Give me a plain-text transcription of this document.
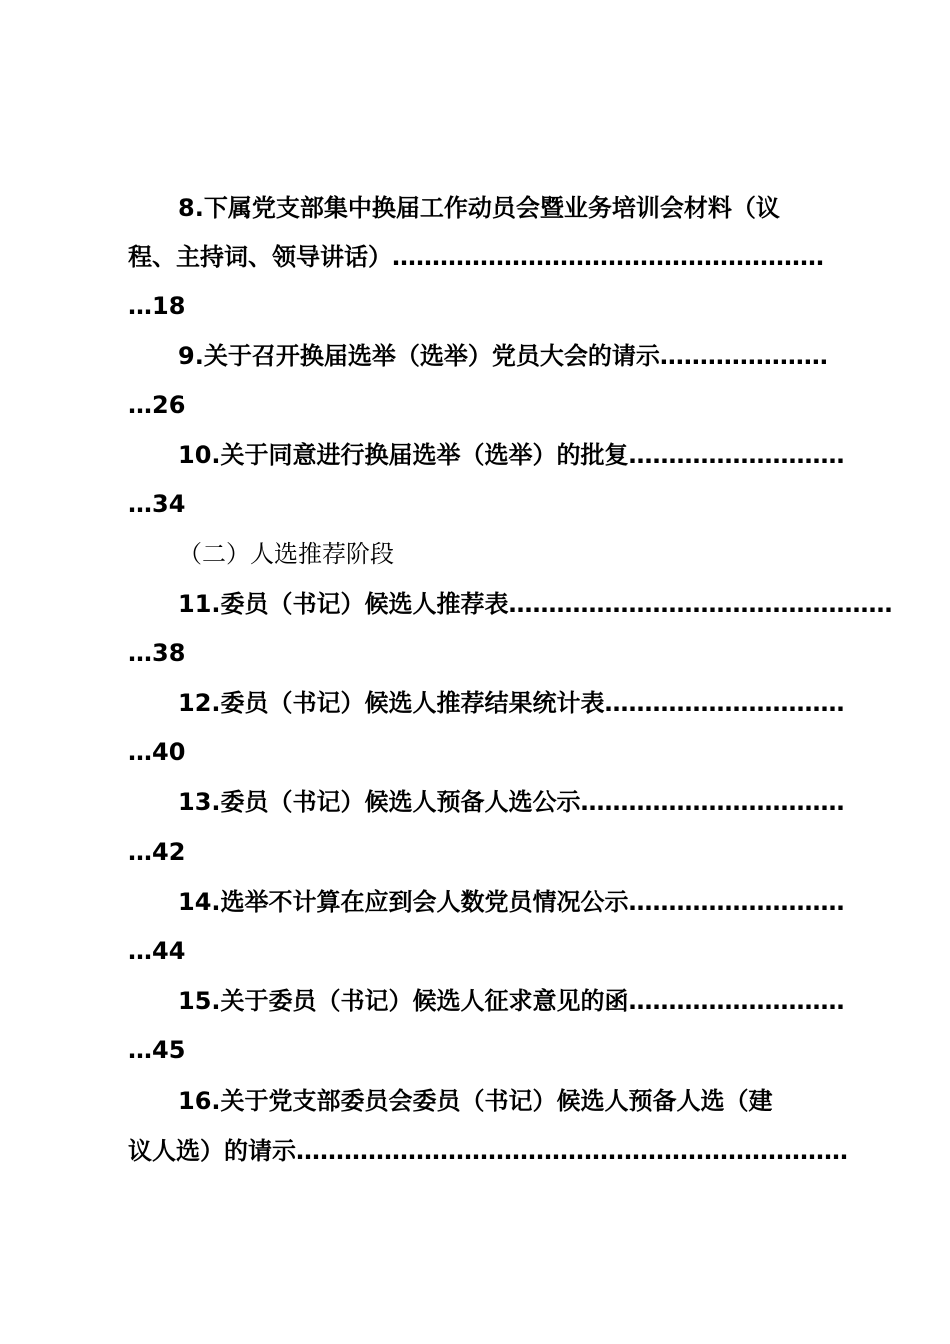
8.下属党支部集中换届工作动员会暨业务培训会材料（议
程、主持词、领导讲话）………………………………………………
…18
9.关于召开换届选举（选举）党员大会的请示…………………
…26
10.关于同意进行换届选举（选举）的批复………………………
…34
（二）人选推荐阶段
11.委员（书记）候选人推荐表…………………………………………
…38
12.委员（书记）候选人推荐结果统计表…………………………
…40
13.委员（书记）候选人预备人选公示……………………………
…42
14.选举不计算在应到会人数党员情况公示………………………
…44
15.关于委员（书记）候选人征求意见的函………………………
…45
16.关于党支部委员会委员（书记）候选人预备人选（建
议人选）的请示……………………………………………………………
